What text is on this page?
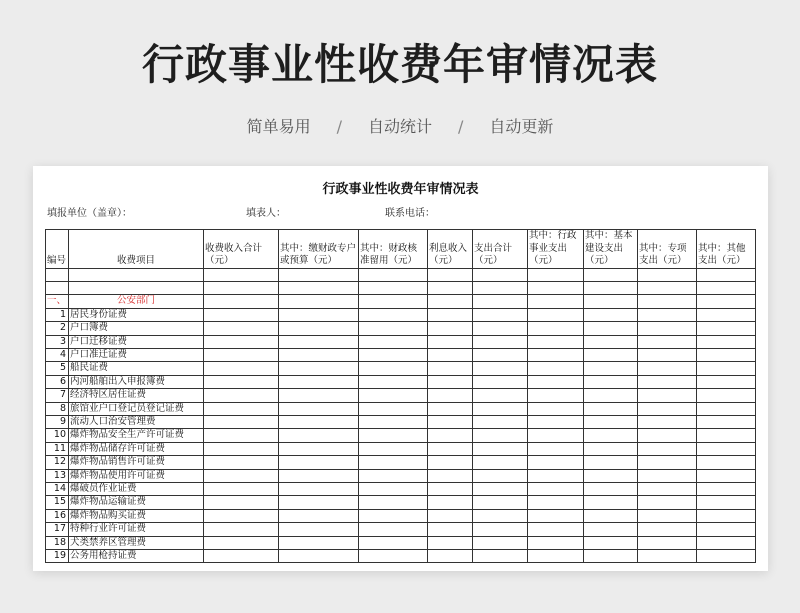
行政事业性收费年审情况表
简单易用 / 自动统计 / 自动更新
行政事业性收费年审情况表
填报单位（盖章）：	填表人：	联系电话：
编号	收费项目	收费收入合计（元）	其中：缴财政专户或预算（元）	其中：财政核准留用（元）	利息收入（元）	支出合计（元）	其中：行政事业支出（元）	其中：基本建设支出（元）	其中：专项支出（元）	其中：其他支出（元）

一、	公安部门									
1	居民身份证费									
2	户口簿费									
3	户口迁移证费									
4	户口准迁证费									
5	船民证费									
6	内河船舶出入申报簿费									
7	经济特区居住证费									
8	旅馆业户口登记员登记证费									
9	流动人口治安管理费									
10	爆炸物品安全生产许可证费									
11	爆炸物品储存许可证费									
12	爆炸物品销售许可证费									
13	爆炸物品使用许可证费									
14	爆破员作业证费									
15	爆炸物品运输证费									
16	爆炸物品购买证费									
17	特种行业许可证费									
18	犬类禁养区管理费									
19	公务用枪持证费									
